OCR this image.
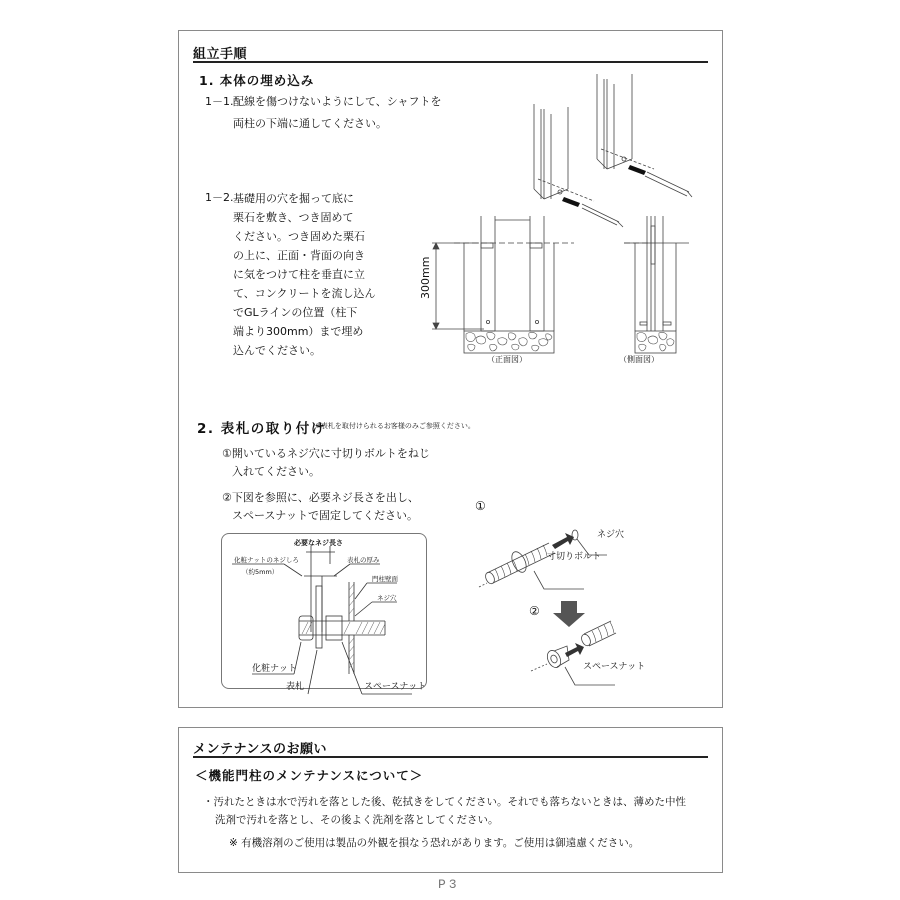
組立手順
1. 本体の埋め込み
1－1. 配線を傷つけないようにして、シャフトを
両柱の下端に通してください。
1－2. 基礎用の穴を掘って底に
栗石を敷き、つき固めて
ください。つき固めた栗石
の上に、正面・背面の向き
に気をつけて柱を垂直に立
て、コンクリートを流し込ん
でGLラインの位置（柱下
端より300mm）まで埋め
込んでください。
300mm
（正面図）	（側面図）
2. 表札の取り付け
※表札を取付けられるお客様のみご参照ください。
①開いているネジ穴に寸切りボルトをねじ
入れてください。
②下図を参照に、必要ネジ長さを出し、
スペースナットで固定してください。
必要なネジ長さ
化粧ナットのネジしろ
（約5mm）
表札の厚み
門柱壁面
ネジ穴
化粧ナット
表札	スペースナット
①
②
ネジ穴
寸切りボルト
スペースナット
メンテナンスのお願い
＜機能門柱のメンテナンスについて＞
・汚れたときは水で汚れを落とした後、乾拭きをしてください。それでも落ちないときは、薄めた中性
洗剤で汚れを落とし、その後よく洗剤を落としてください。
※ 有機溶剤のご使用は製品の外観を損なう恐れがあります。ご使用は御遠慮ください。
P3
